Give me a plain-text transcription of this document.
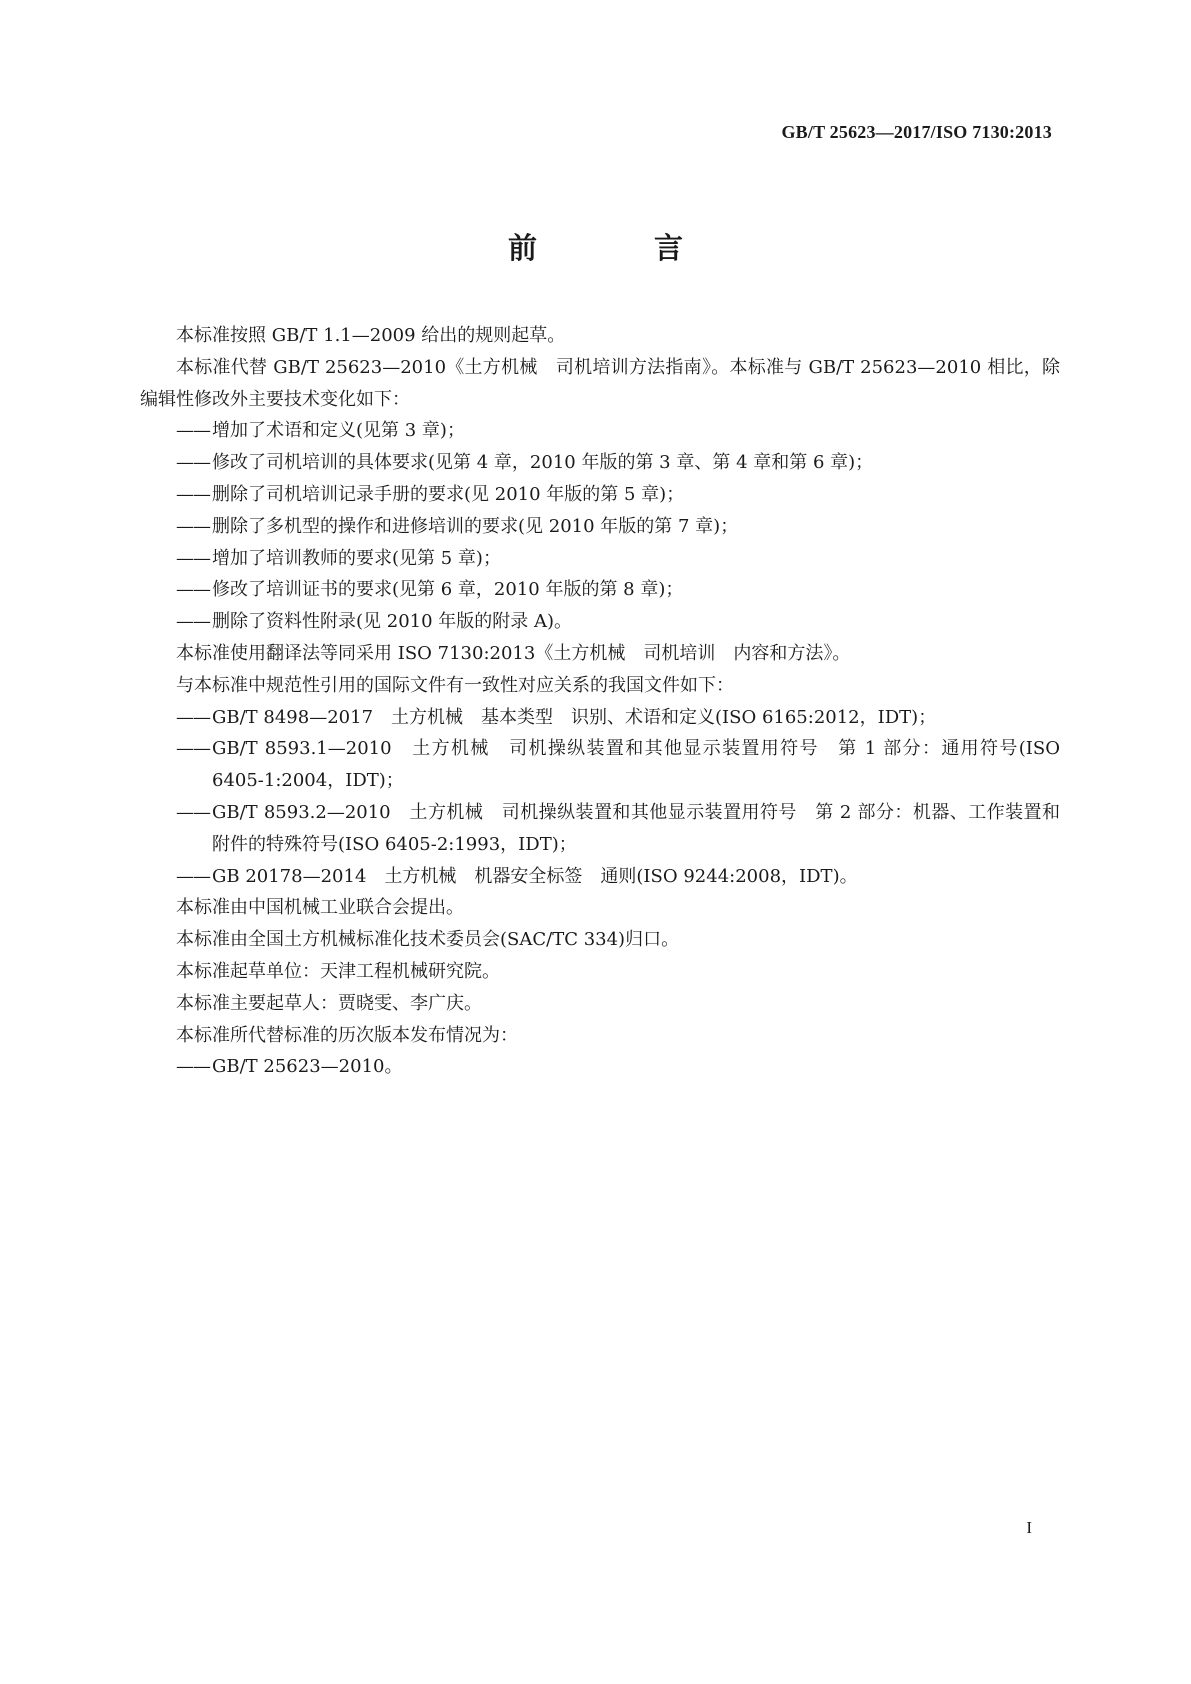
GB/T 25623—2017/ISO 7130:2013
前　言

本标准按照 GB/T 1.1—2009 给出的规则起草。

本标准代替 GB/T 25623—2010《土方机械　司机培训方法指南》。本标准与 GB/T 25623—2010 相比，除编辑性修改外主要技术变化如下：

—— 增加了术语和定义(见第 3 章)；

—— 修改了司机培训的具体要求(见第 4 章，2010 年版的第 3 章、第 4 章和第 6 章)；

—— 删除了司机培训记录手册的要求(见 2010 年版的第 5 章)；

—— 删除了多机型的操作和进修培训的要求(见 2010 年版的第 7 章)；

—— 增加了培训教师的要求(见第 5 章)；

—— 修改了培训证书的要求(见第 6 章，2010 年版的第 8 章)；

—— 删除了资料性附录(见 2010 年版的附录 A)。

本标准使用翻译法等同采用 ISO 7130:2013《土方机械　司机培训　内容和方法》。

与本标准中规范性引用的国际文件有一致性对应关系的我国文件如下：

—— GB/T 8498—2017　土方机械　基本类型　识别、术语和定义(ISO 6165:2012，IDT)；

—— GB/T 8593.1—2010　土方机械　司机操纵装置和其他显示装置用符号　第 1 部分：通用符号(ISO 6405-1:2004，IDT)；

—— GB/T 8593.2—2010　土方机械　司机操纵装置和其他显示装置用符号　第 2 部分：机器、工作装置和附件的特殊符号(ISO 6405-2:1993，IDT)；

—— GB 20178—2014　土方机械　机器安全标签　通则(ISO 9244:2008，IDT)。

本标准由中国机械工业联合会提出。

本标准由全国土方机械标准化技术委员会(SAC/TC 334)归口。

本标准起草单位：天津工程机械研究院。

本标准主要起草人：贾晓雯、李广庆。

本标准所代替标准的历次版本发布情况为：

—— GB/T 25623—2010。

I
